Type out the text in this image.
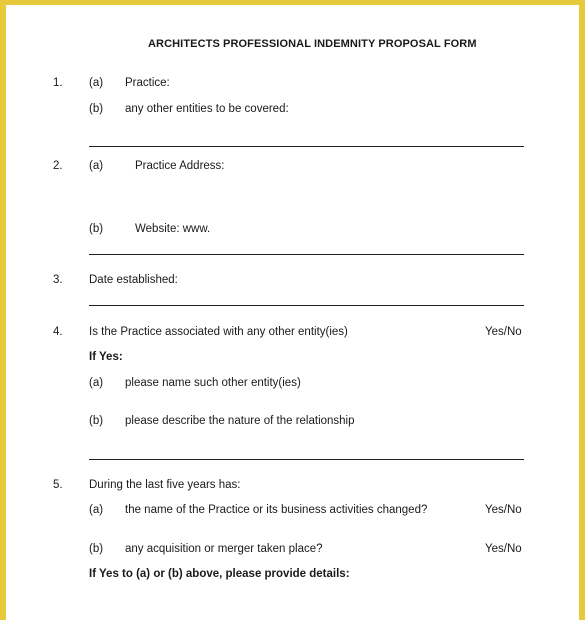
ARCHITECTS PROFESSIONAL INDEMNITY PROPOSAL FORM
1. (a) Practice:
(b) any other entities to be covered:
2. (a)	Practice Address:
(b)	Website: www.
3. Date established:
4. Is the Practice associated with any other entity(ies)	Yes/No
If Yes:
(a) please name such other entity(ies)
(b) please describe the nature of the relationship
5. During the last five years has:
(a) the name of the Practice or its business activities changed?	Yes/No
(b) any acquisition or merger taken place?	Yes/No
If Yes to (a) or (b) above, please provide details:
